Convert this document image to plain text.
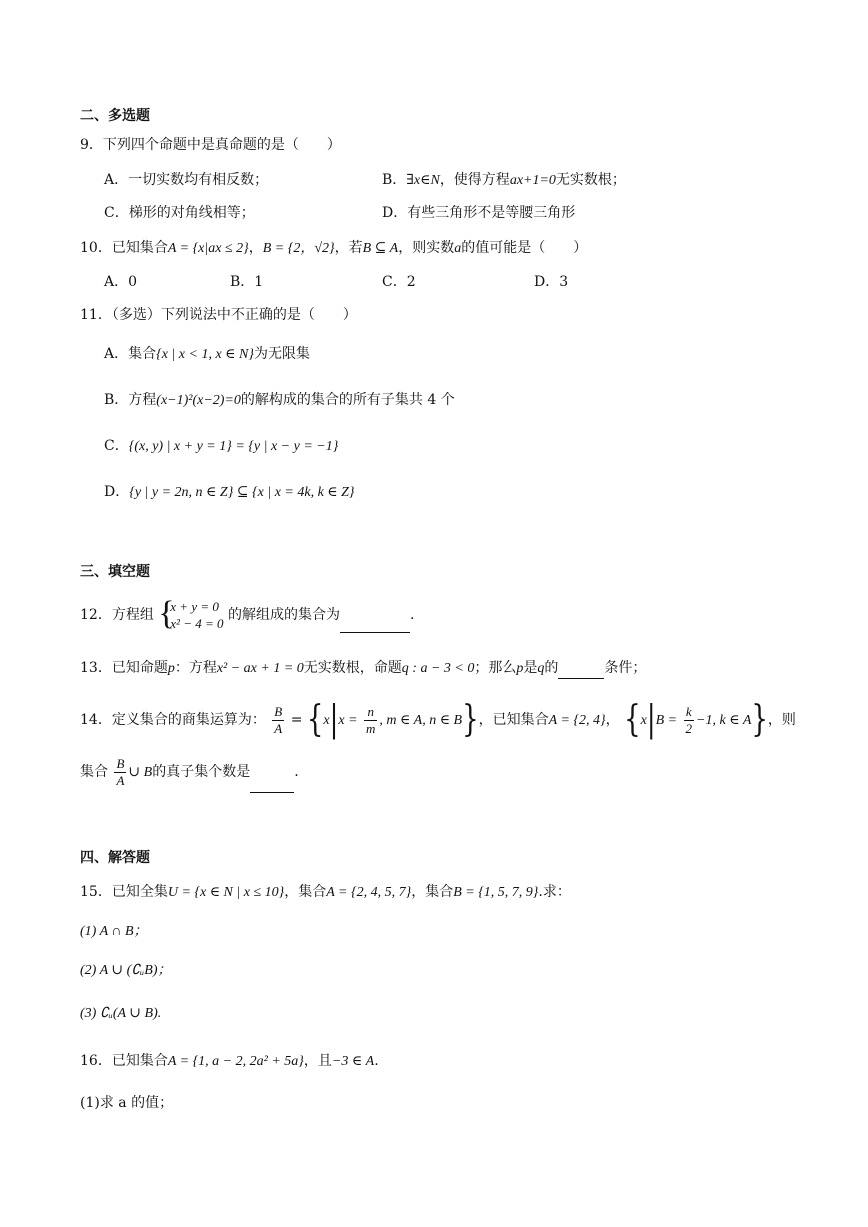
二、多选题
9．下列四个命题中是真命题的是（　　）
A．一切实数均有相反数；	B．∃x∈N，使得方程ax+1=0无实数根；
C．梯形的对角线相等；	D．有些三角形不是等腰三角形
10．已知集合A = {x|ax ≤ 2}，B = {2，√2}，若B ⊆ A，则实数a的值可能是（　　）
A．0	B．1	C．2	D．3
11．（多选）下列说法中不正确的是（　　）
A．集合{x | x < 1, x ∈ N}为无限集
B．方程(x−1)²(x−2)=0的解构成的集合的所有子集共 4 个
C．{(x, y) | x + y = 1} = {y | x − y = −1}
D．{y | y = 2n, n ∈ Z} ⊆ {x | x = 4k, k ∈ Z}
三、填空题
12．方程组 {
x + y = 0
x² − 4 = 0
的解组成的集合为	.
13．已知命题p：方程x² − ax + 1 = 0无实数根，命题q : a − 3 < 0；那么p是q的	条件；
14．定义集合的商集运算为： $\frac{B}{A} = \{x|x = \frac{n}{m}$ , m ∈ A, n ∈ B}，已知集合A = {2, 4}， {$x|B = \frac{k}{2} -1$, k ∈ A}，则
集合 $\frac{B}{A}$ ∪ B的真子集个数是	.
四、解答题
15．已知全集U = {x ∈ N | x ≤ 10}，集合A = {2, 4, 5, 7}，集合B = {1, 5, 7, 9}.求：
(1) A ∩ B；
(2) A ∪ (∁ᵤB)；
(3) ∁ᵤ(A ∪ B).
16．已知集合A = {1, a − 2, 2a² + 5a}，且−3 ∈ A.
(1)求 a 的值；
